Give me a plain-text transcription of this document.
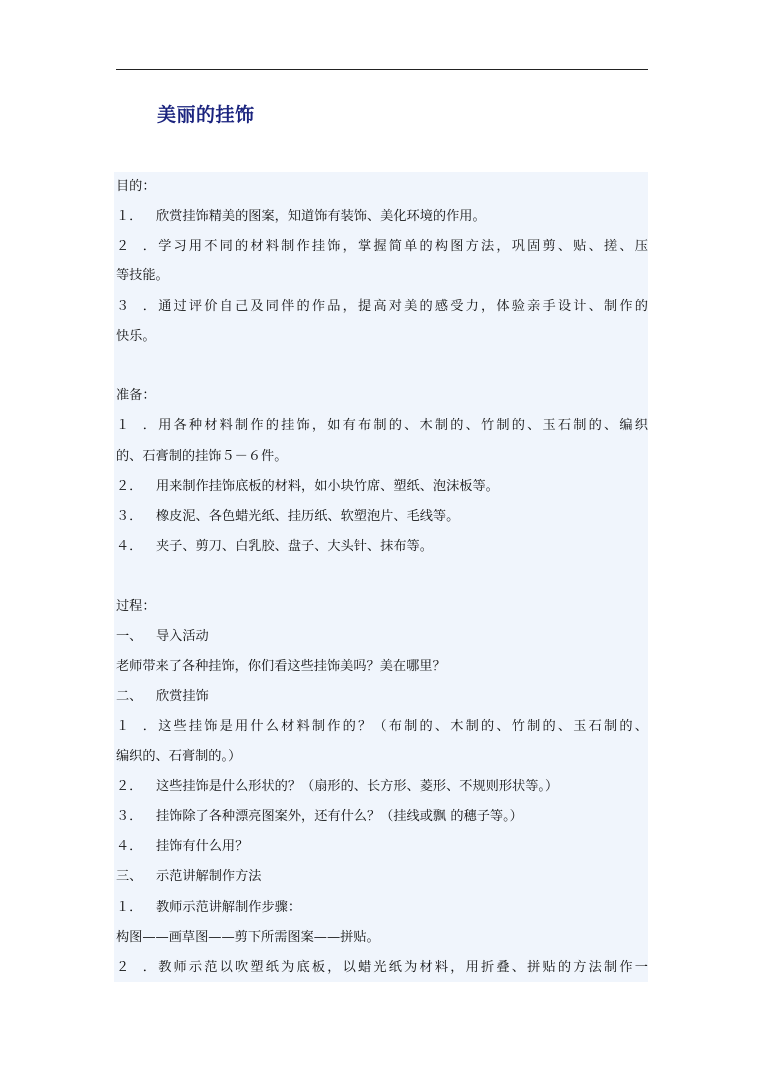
美丽的挂饰
目的：
１． 欣赏挂饰精美的图案，知道饰有装饰、美化环境的作用。
２．学习用不同的材料制作挂饰，掌握简单的构图方法，巩固剪、贴、搓、压
等技能。
３．通过评价自己及同伴的作品，提高对美的感受力，体验亲手设计、制作的
快乐。
准备：
１．用各种材料制作的挂饰，如有布制的、木制的、竹制的、玉石制的、编织
的、石膏制的挂饰５－６件。
２． 用来制作挂饰底板的材料，如小块竹席、塑纸、泡沫板等。
３． 橡皮泥、各色蜡光纸、挂历纸、软塑泡片、毛线等。
４． 夹子、剪刀、白乳胶、盘子、大头针、抹布等。
过程：
一、 导入活动
老师带来了各种挂饰，你们看这些挂饰美吗？美在哪里？
二、 欣赏挂饰
１．这些挂饰是用什么材料制作的？（布制的、木制的、竹制的、玉石制的、
编织的、石膏制的。）
２． 这些挂饰是什么形状的？（扇形的、长方形、菱形、不规则形状等。）
３． 挂饰除了各种漂亮图案外，还有什么？（挂线或飘 的穗子等。）
４． 挂饰有什么用？
三、 示范讲解制作方法
１． 教师示范讲解制作步骤：
构图——画草图——剪下所需图案——拼贴。
２．教师示范以吹塑纸为底板，以蜡光纸为材料，用折叠、拼贴的方法制作一
